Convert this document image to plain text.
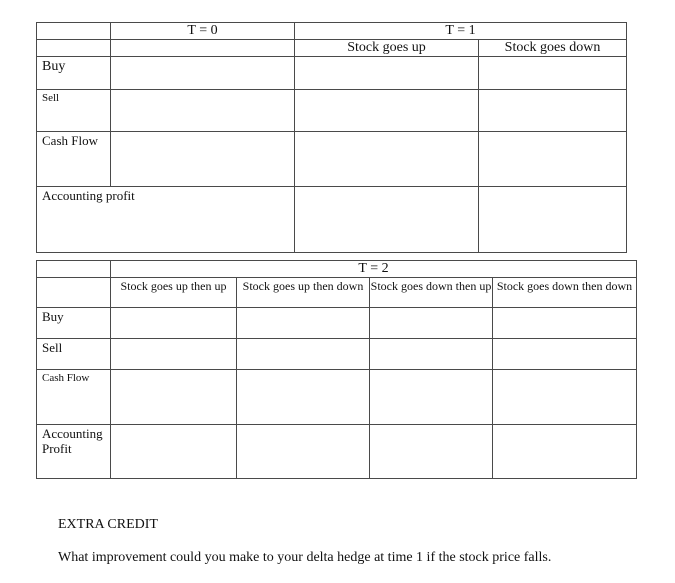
	T = 0	T = 1	
		Stock goes up	Stock goes down
Buy			
Sell			
Cash Flow			
Accounting profit			
	T = 2			
	Stock goes up then up	Stock goes up then down	Stock goes down then up	Stock goes down then down
Buy				
Sell				
Cash Flow				
Accounting Profit				
EXTRA CREDIT
What improvement could you make to your delta hedge at time 1 if the stock price falls.
